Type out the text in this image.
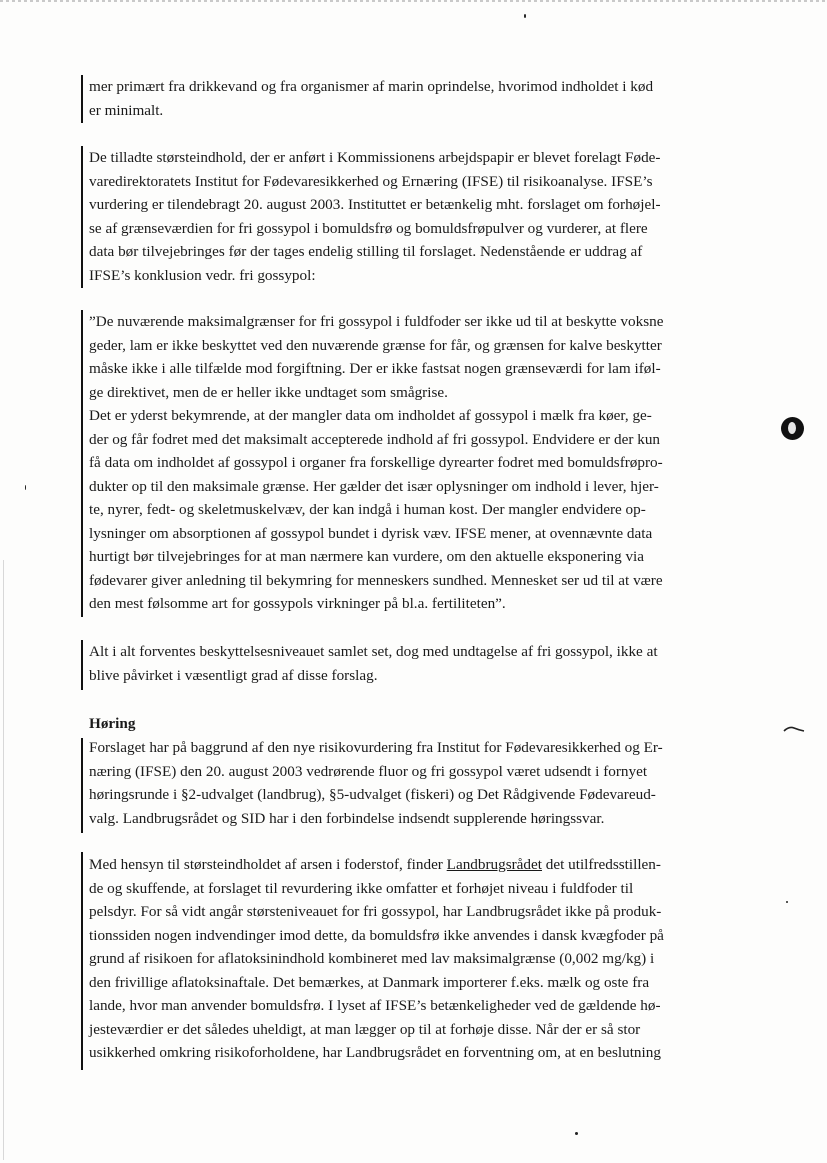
mer primært fra drikkevand og fra organismer af marin oprindelse, hvorimod indholdet i kød
er minimalt.
De tilladte størsteindhold, der er anført i Kommissionens arbejdspapir er blevet forelagt Føde-
varedirektoratets Institut for Fødevaresikkerhed og Ernæring (IFSE) til risikoanalyse. IFSE’s
vurdering er tilendebragt 20. august 2003. Instituttet er betænkelig mht. forslaget om forhøjel-
se af grænseværdien for fri gossypol i bomuldsfrø og bomuldsfrøpulver og vurderer, at flere
data bør tilvejebringes før der tages endelig stilling til forslaget. Nedenstående er uddrag af
IFSE’s konklusion vedr. fri gossypol:
”De nuværende maksimalgrænser for fri gossypol i fuldfoder ser ikke ud til at beskytte voksne
geder, lam er ikke beskyttet ved den nuværende grænse for får, og grænsen for kalve beskytter
måske ikke i alle tilfælde mod forgiftning. Der er ikke fastsat nogen grænseværdi for lam iføl-
ge direktivet, men de er heller ikke undtaget som smågrise.
Det er yderst bekymrende, at der mangler data om indholdet af gossypol i mælk fra køer, ge-
der og får fodret med det maksimalt accepterede indhold af fri gossypol. Endvidere er der kun
få data om indholdet af gossypol i organer fra forskellige dyrearter fodret med bomuldsfrøpro-
dukter op til den maksimale grænse. Her gælder det især oplysninger om indhold i lever, hjer-
te, nyrer, fedt- og skeletmuskelvæv, der kan indgå i human kost. Der mangler endvidere op-
lysninger om absorptionen af gossypol bundet i dyrisk væv. IFSE mener, at ovennævnte data
hurtigt bør tilvejebringes for at man nærmere kan vurdere, om den aktuelle eksponering via
fødevarer giver anledning til bekymring for menneskers sundhed. Mennesket ser ud til at være
den mest følsomme art for gossypols virkninger på bl.a. fertiliteten”.
Alt i alt forventes beskyttelsesniveauet samlet set, dog med undtagelse af fri gossypol, ikke at
blive påvirket i væsentligt grad af disse forslag.
Høring
Forslaget har på baggrund af den nye risikovurdering fra Institut for Fødevaresikkerhed og Er-
næring (IFSE) den 20. august 2003 vedrørende fluor og fri gossypol været udsendt i fornyet
høringsrunde i §2-udvalget (landbrug), §5-udvalget (fiskeri) og Det Rådgivende Fødevareud-
valg. Landbrugsrådet og SID har i den forbindelse indsendt supplerende høringssvar.
Med hensyn til størsteindholdet af arsen i foderstof, finder Landbrugsrådet det utilfredsstillen-
de og skuffende, at forslaget til revurdering ikke omfatter et forhøjet niveau i fuldfoder til
pelsdyr. For så vidt angår størsteniveauet for fri gossypol, har Landbrugsrådet ikke på produk-
tionssiden nogen indvendinger imod dette, da bomuldsfrø ikke anvendes i dansk kvægfoder på
grund af risikoen for aflatoksinindhold kombineret med lav maksimalgrænse (0,002 mg/kg) i
den frivillige aflatoksinaftale. Det bemærkes, at Danmark importerer f.eks. mælk og oste fra
lande, hvor man anvender bomuldsfrø. I lyset af IFSE’s betænkeligheder ved de gældende hø-
jesteværdier er det således uheldigt, at man lægger op til at forhøje disse. Når der er så stor
usikkerhed omkring risikoforholdene, har Landbrugsrådet en forventning om, at en beslutning
